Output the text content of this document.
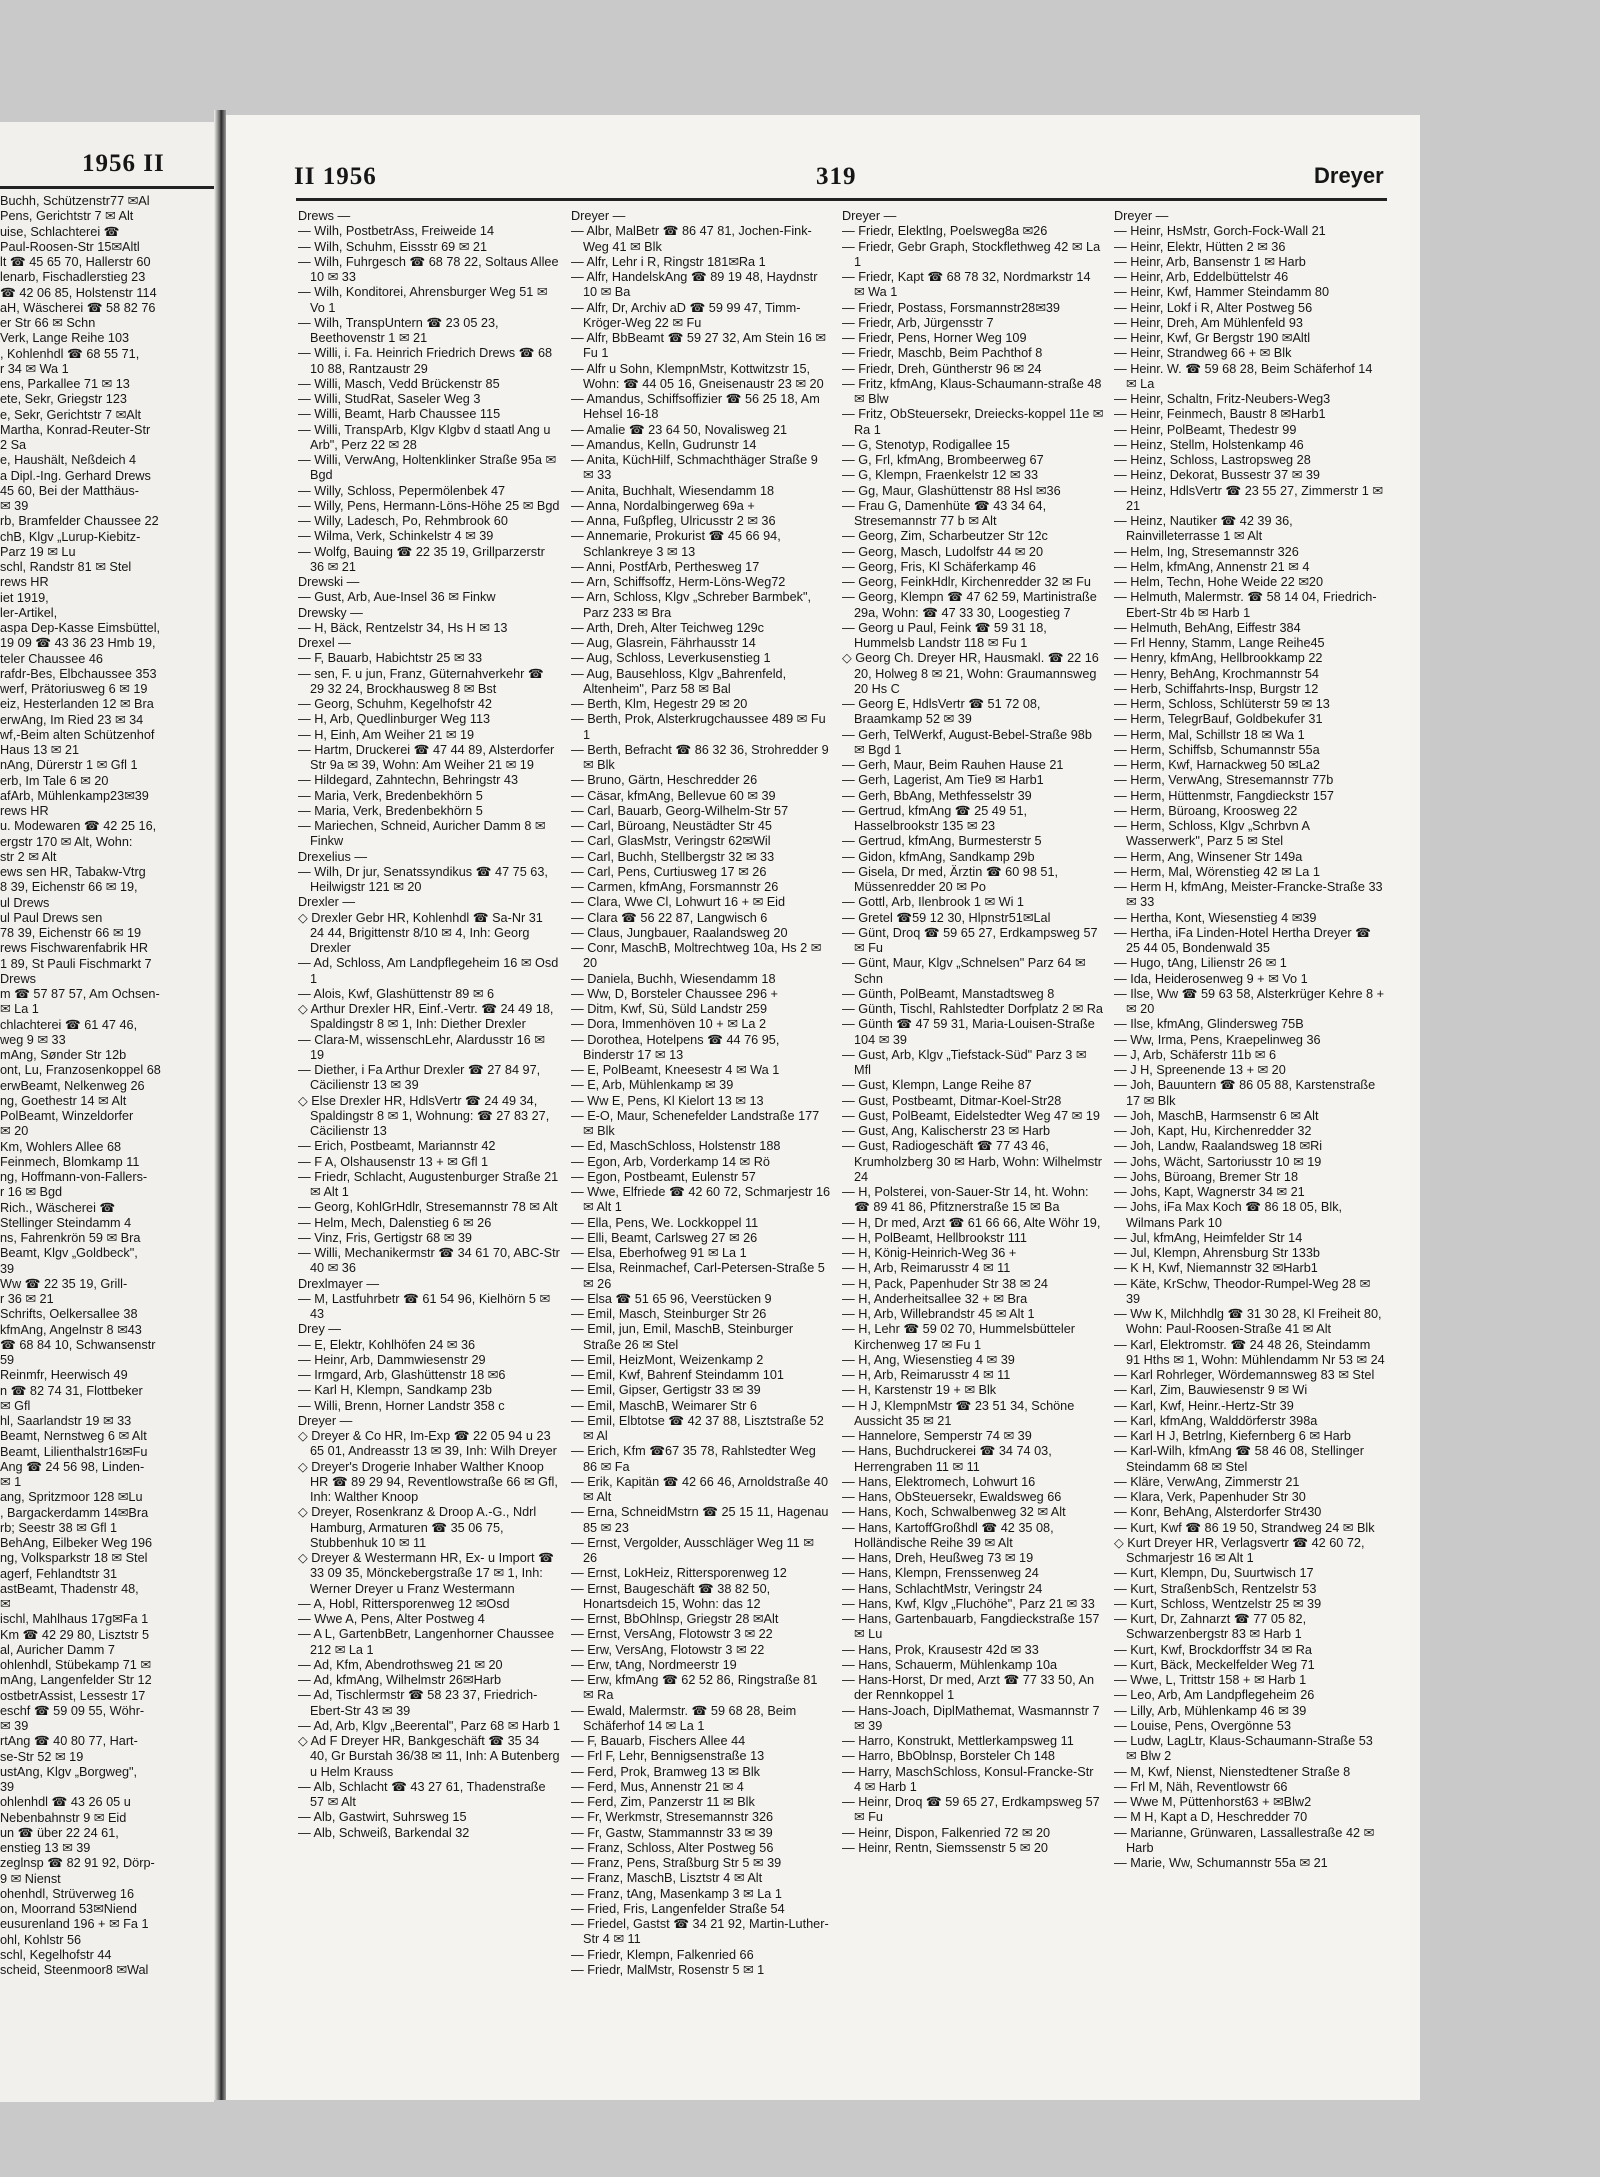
1956 II

Buchh, Schützenstr77 ✉Al

Pens, Gerichtstr 7 ✉ Alt

uise, Schlachterei ☎

Paul-Roosen-Str 15✉Altl

lt ☎ 45 65 70, Hallerstr 60

lenarb, Fischadlerstieg 23

☎ 42 06 85, Holstenstr 114

aH, Wäscherei ☎ 58 82 76

er Str 66 ✉ Schn

Verk, Lange Reihe 103

, Kohlenhdl ☎ 68 55 71,

r 34 ✉ Wa 1

ens, Parkallee 71 ✉ 13

ete, Sekr, Griegstr 123

e, Sekr, Gerichtstr 7 ✉Alt

Martha, Konrad-Reuter-Str

2 Sa

e, Haushält, Neßdeich 4

a Dipl.-Ing. Gerhard Drews

45 60, Bei der Matthäus-

✉ 39

rb, Bramfelder Chaussee 22

chB, Klgv „Lurup-Kiebitz-

Parz 19 ✉ Lu

schl, Randstr 81 ✉ Stel

rews HR

iet 1919,

ler-Artikel,

aspa Dep-Kasse Eimsbüttel,

19 09 ☎ 43 36 23 Hmb 19,

teler Chaussee 46

rafdr-Bes, Elbchaussee 353

werf, Prätoriusweg 6 ✉ 19

eiz, Hesterlanden 12 ✉ Bra

erwAng, Im Ried 23 ✉ 34

wf,-Beim alten Schützenhof

Haus 13 ✉ 21

nAng, Dürerstr 1 ✉ Gfl 1

erb, Im Tale 6 ✉ 20

afArb, Mühlenkamp23✉39

rews HR

u. Modewaren ☎ 42 25 16,

ergstr 170 ✉ Alt, Wohn:

str 2 ✉ Alt

ews sen HR, Tabakw-Vtrg

8 39, Eichenstr 66 ✉ 19,

ul Drews

ul Paul Drews sen

78 39, Eichenstr 66 ✉ 19

rews Fischwarenfabrik HR

1 89, St Pauli Fischmarkt 7

Drews

m ☎ 57 87 57, Am Ochsen-

✉ La 1

chlachterei ☎ 61 47 46,

weg 9 ✉ 33

mAng, Sønder Str 12b

ont, Lu, Franzosenkoppel 68

erwBeamt, Nelkenweg 26

ng, Goethestr 14 ✉ Alt

PolBeamt, Winzeldorfer

✉ 20

Km, Wohlers Allee 68

Feinmech, Blomkamp 11

ng, Hoffmann-von-Fallers-

r 16 ✉ Bgd

Rich., Wäscherei ☎

Stellinger Steindamm 4

ns, Fahrenkrön 59 ✉ Bra

Beamt, Klgv „Goldbeck",

39

Ww ☎ 22 35 19, Grill-

r 36 ✉ 21

Schrifts, Oelkersallee 38

kfmAng, Angelnstr 8 ✉43

☎ 68 84 10, Schwansenstr

59

Reinmfr, Heerwisch 49

n ☎ 82 74 31, Flottbeker

✉ Gfl

hl, Saarlandstr 19 ✉ 33

Beamt, Nernstweg 6 ✉ Alt

Beamt, Lilienthalstr16✉Fu

Ang ☎ 24 56 98, Linden-

✉ 1

ang, Spritzmoor 128 ✉Lu

, Bargackerdamm 14✉Bra

rb; Seestr 38 ✉ Gfl 1

BehAng, Eilbeker Weg 196

ng, Volksparkstr 18 ✉ Stel

agerf, Fehlandtstr 31

astBeamt, Thadenstr 48,

✉

ischl, Mahlhaus 17g✉Fa 1

Km ☎ 42 29 80, Lisztstr 5

al, Auricher Damm 7

ohlenhdl, Stübekamp 71 ✉

mAng, Langenfelder Str 12

ostbetrAssist, Lessestr 17

eschf ☎ 59 09 55, Wöhr-

✉ 39

rtAng ☎ 40 80 77, Hart-

se-Str 52 ✉ 19

ustAng, Klgv „Borgweg",

39

ohlenhdl ☎ 43 26 05 u

Nebenbahnstr 9 ✉ Eid

un ☎ über 22 24 61,

enstieg 13 ✉ 39

zeglnsp ☎ 82 91 92, Dörp-

9 ✉ Nienst

ohenhdl, Strüverweg 16

on, Moorrand 53✉Niend

eusurenland 196 + ✉ Fa 1

ohl, Kohlstr 56

schl, Kegelhofstr 44

scheid, Steenmoor8 ✉Wal

II 1956	319	Dreyer

Drews —

— Wilh, PostbetrAss, Freiweide 14

— Wilh, Schuhm, Eissstr 69 ✉ 21

— Wilh, Fuhrgesch ☎ 68 78 22, Soltaus Allee 10 ✉ 33

— Wilh, Konditorei, Ahrensburger Weg 51 ✉ Vo 1

— Wilh, TranspUntern ☎ 23 05 23, Beethovenstr 1 ✉ 21

— Willi, i. Fa. Heinrich Friedrich Drews ☎ 68 10 88, Rantzaustr 29

— Willi, Masch, Vedd Brückenstr 85

— Willi, StudRat, Saseler Weg 3

— Willi, Beamt, Harb Chaussee 115

— Willi, TranspArb, Klgv Klgbv d staatl Ang u Arb", Perz 22 ✉ 28

— Willi, VerwAng, Holtenklinker Straße 95a ✉ Bgd

— Willy, Schloss, Pepermölenbek 47

— Willy, Pens, Hermann-Löns-Höhe 25 ✉ Bgd

— Willy, Ladesch, Po, Rehmbrook 60

— Wilma, Verk, Schinkelstr 4 ✉ 39

— Wolfg, Bauing ☎ 22 35 19, Grillparzerstr 36 ✉ 21

Drewski —

— Gust, Arb, Aue-Insel 36 ✉ Finkw

Drewsky —

— H, Bäck, Rentzelstr 34, Hs H ✉ 13

Drexel —

— F, Bauarb, Habichtstr 25 ✉ 33

— sen, F. u jun, Franz, Güternahverkehr ☎ 29 32 24, Brockhausweg 8 ✉ Bst

— Georg, Schuhm, Kegelhofstr 42

— H, Arb, Quedlinburger Weg 113

— H, Einh, Am Weiher 21 ✉ 19

— Hartm, Druckerei ☎ 47 44 89, Alsterdorfer Str 9a ✉ 39, Wohn: Am Weiher 21 ✉ 19

— Hildegard, Zahntechn, Behringstr 43

— Maria, Verk, Bredenbekhörn 5

— Maria, Verk, Bredenbekhörn 5

— Mariechen, Schneid, Auricher Damm 8 ✉ Finkw

Drexelius —

— Wilh, Dr jur, Senatssyndikus ☎ 47 75 63, Heilwigstr 121 ✉ 20

Drexler —

◇ Drexler Gebr HR, Kohlenhdl ☎ Sa-Nr 31 24 44, Brigittenstr 8/10 ✉ 4, Inh: Georg Drexler

— Ad, Schloss, Am Landpflegeheim 16 ✉ Osd 1

— Alois, Kwf, Glashüttenstr 89 ✉ 6

◇ Arthur Drexler HR, Einf.-Vertr. ☎ 24 49 18, Spaldingstr 8 ✉ 1, Inh: Diether Drexler

— Clara-M, wissenschLehr, Alardusstr 16 ✉ 19

— Diether, i Fa Arthur Drexler ☎ 27 84 97, Cäcilienstr 13 ✉ 39

◇ Else Drexler HR, HdlsVertr ☎ 24 49 34, Spaldingstr 8 ✉ 1, Wohnung: ☎ 27 83 27, Cäcilienstr 13

— Erich, Postbeamt, Mariannstr 42

— F A, Olshausenstr 13 + ✉ Gfl 1

— Friedr, Schlacht, Augustenburger Straße 21 ✉ Alt 1

— Georg, KohlGrHdlr, Stresemannstr 78 ✉ Alt

— Helm, Mech, Dalenstieg 6 ✉ 26

— Vinz, Fris, Gertigstr 68 ✉ 39

— Willi, Mechanikermstr ☎ 34 61 70, ABC-Str 40 ✉ 36

Drexlmayer —

— M, Lastfuhrbetr ☎ 61 54 96, Kielhörn 5 ✉ 43

Drey —

— E, Elektr, Kohlhöfen 24 ✉ 36

— Heinr, Arb, Dammwiesenstr 29

— Irmgard, Arb, Glashüttenstr 18 ✉6

— Karl H, Klempn, Sandkamp 23b

— Willi, Brenn, Horner Landstr 358 c

Dreyer —

◇ Dreyer & Co HR, Im-Exp ☎ 22 05 94 u 23 65 01, Andreasstr 13 ✉ 39, Inh: Wilh Dreyer

◇ Dreyer's Drogerie Inhaber Walther Knoop HR ☎ 89 29 94, Reventlowstraße 66 ✉ Gfl, Inh: Walther Knoop

◇ Dreyer, Rosenkranz & Droop A.-G., Ndrl Hamburg, Armaturen ☎ 35 06 75, Stubbenhuk 10 ✉ 11

◇ Dreyer & Westermann HR, Ex- u Import ☎ 33 09 35, Mönckebergstraße 17 ✉ 1, Inh: Werner Dreyer u Franz Westermann

— A, Hobl, Rittersporenweg 12 ✉Osd

— Wwe A, Pens, Alter Postweg 4

— A L, GartenbBetr, Langenhorner Chaussee 212 ✉ La 1

— Ad, Kfm, Abendrothsweg 21 ✉ 20

— Ad, kfmAng, Wilhelmstr 26✉Harb

— Ad, Tischlermstr ☎ 58 23 37, Friedrich-Ebert-Str 43 ✉ 39

— Ad, Arb, Klgv „Beerental", Parz 68 ✉ Harb 1

◇ Ad F Dreyer HR, Bankgeschäft ☎ 35 34 40, Gr Burstah 36/38 ✉ 11, Inh: A Butenberg u Helm Krauss

— Alb, Schlacht ☎ 43 27 61, Thadenstraße 57 ✉ Alt

— Alb, Gastwirt, Suhrsweg 15

— Alb, Schweiß, Barkendal 32

Dreyer —

— Albr, MalBetr ☎ 86 47 81, Jochen-Fink-Weg 41 ✉ Blk

— Alfr, Lehr i R, Ringstr 181✉Ra 1

— Alfr, HandelskAng ☎ 89 19 48, Haydnstr 10 ✉ Ba

— Alfr, Dr, Archiv aD ☎ 59 99 47, Timm-Kröger-Weg 22 ✉ Fu

— Alfr, BbBeamt ☎ 59 27 32, Am Stein 16 ✉ Fu 1

— Alfr u Sohn, KlempnMstr, Kottwitzstr 15, Wohn: ☎ 44 05 16, Gneisenaustr 23 ✉ 20

— Amandus, Schiffsoffizier ☎ 56 25 18, Am Hehsel 16-18

— Amalie ☎ 23 64 50, Novalisweg 21

— Amandus, Kelln, Gudrunstr 14

— Anita, KüchHilf, Schmachthäger Straße 9 ✉ 33

— Anita, Buchhalt, Wiesendamm 18

— Anna, Nordalbingerweg 69a +

— Anna, Fußpfleg, Ulricusstr 2 ✉ 36

— Annemarie, Prokurist ☎ 45 66 94, Schlankreye 3 ✉ 13

— Anni, PostfArb, Perthesweg 17

— Arn, Schiffsoffz, Herm-Löns-Weg72

— Arn, Schloss, Klgv „Schreber Barmbek", Parz 233 ✉ Bra

— Arth, Dreh, Alter Teichweg 129c

— Aug, Glasrein, Fährhausstr 14

— Aug, Schloss, Leverkusenstieg 1

— Aug, Bausehloss, Klgv „Bahrenfeld, Altenheim", Parz 58 ✉ Bal

— Berth, Klm, Hegestr 29 ✉ 20

— Berth, Prok, Alsterkrugchaussee 489 ✉ Fu 1

— Berth, Befracht ☎ 86 32 36, Strohredder 9 ✉ Blk

— Bruno, Gärtn, Heschredder 26

— Cäsar, kfmAng, Bellevue 60 ✉ 39

— Carl, Bauarb, Georg-Wilhelm-Str 57

— Carl, Büroang, Neustädter Str 45

— Carl, GlasMstr, Veringstr 62✉Wil

— Carl, Buchh, Stellbergstr 32 ✉ 33

— Carl, Pens, Curtiusweg 17 ✉ 26

— Carmen, kfmAng, Forsmannstr 26

— Clara, Wwe Cl, Lohwurt 16 + ✉ Eid

— Clara ☎ 56 22 87, Langwisch 6

— Claus, Jungbauer, Raalandsweg 20

— Conr, MaschB, Moltrechtweg 10a, Hs 2 ✉ 20

— Daniela, Buchh, Wiesendamm 18

— Ww, D, Borsteler Chaussee 296 +

— Ditm, Kwf, Sü, Süld Landstr 259

— Dora, Immenhöven 10 + ✉ La 2

— Dorothea, Hotelpens ☎ 44 76 95, Binderstr 17 ✉ 13

— E, PolBeamt, Kneesestr 4 ✉ Wa 1

— E, Arb, Mühlenkamp ✉ 39

— Ww E, Pens, Kl Kielort 13 ✉ 13

— E-O, Maur, Schenefelder Landstraße 177 ✉ Blk

— Ed, MaschSchloss, Holstenstr 188

— Egon, Arb, Vorderkamp 14 ✉ Rö

— Egon, Postbeamt, Eulenstr 57

— Wwe, Elfriede ☎ 42 60 72, Schmarjestr 16 ✉ Alt 1

— Ella, Pens, We. Lockkoppel 11

— Elli, Beamt, Carlsweg 27 ✉ 26

— Elsa, Eberhofweg 91 ✉ La 1

— Elsa, Reinmachef, Carl-Petersen-Straße 5 ✉ 26

— Elsa ☎ 51 65 96, Veerstücken 9

— Emil, Masch, Steinburger Str 26

— Emil, jun, Emil, MaschB, Steinburger Straße 26 ✉ Stel

— Emil, HeizMont, Weizenkamp 2

— Emil, Kwf, Bahrenf Steindamm 101

— Emil, Gipser, Gertigstr 33 ✉ 39

— Emil, MaschB, Weimarer Str 6

— Emil, Elbtotse ☎ 42 37 88, Lisztstraße 52 ✉ Al

— Erich, Kfm ☎67 35 78, Rahlstedter Weg 86 ✉ Fa

— Erik, Kapitän ☎ 42 66 46, Arnoldstraße 40 ✉ Alt

— Erna, SchneidMstrn ☎ 25 15 11, Hagenau 85 ✉ 23

— Ernst, Vergolder, Ausschläger Weg 11 ✉ 26

— Ernst, LokHeiz, Rittersporenweg 12

— Ernst, Baugeschäft ☎ 38 82 50, Honartsdeich 15, Wohn: das 12

— Ernst, BbOhlnsp, Griegstr 28 ✉Alt

— Ernst, VersAng, Flotowstr 3 ✉ 22

— Erw, VersAng, Flotowstr 3 ✉ 22

— Erw, tAng, Nordmeerstr 19

— Erw, kfmAng ☎ 62 52 86, Ringstraße 81 ✉ Ra

— Ewald, Malermstr. ☎ 59 68 28, Beim Schäferhof 14 ✉ La 1

— F, Bauarb, Fischers Allee 44

— Frl F, Lehr, Bennigsenstraße 13

— Ferd, Prok, Bramweg 13 ✉ Blk

— Ferd, Mus, Annenstr 21 ✉ 4

— Ferd, Zim, Panzerstr 11 ✉ Blk

— Fr, Werkmstr, Stresemannstr 326

— Fr, Gastw, Stammannstr 33 ✉ 39

— Franz, Schloss, Alter Postweg 56

— Franz, Pens, Straßburg Str 5 ✉ 39

— Franz, MaschB, Lisztstr 4 ✉ Alt

— Franz, tAng, Masenkamp 3 ✉ La 1

— Fried, Fris, Langenfelder Straße 54

— Friedel, Gastst ☎ 34 21 92, Martin-Luther-Str 4 ✉ 11

— Friedr, Klempn, Falkenried 66

— Friedr, MalMstr, Rosenstr 5 ✉ 1

Dreyer —

— Friedr, Elektlng, Poelsweg8a ✉26

— Friedr, Gebr Graph, Stockflethweg 42 ✉ La 1

— Friedr, Kapt ☎ 68 78 32, Nordmarkstr 14 ✉ Wa 1

— Friedr, Postass, Forsmannstr28✉39

— Friedr, Arb, Jürgensstr 7

— Friedr, Pens, Horner Weg 109

— Friedr, Maschb, Beim Pachthof 8

— Friedr, Dreh, Güntherstr 96 ✉ 24

— Fritz, kfmAng, Klaus-Schaumann-straße 48 ✉ Blw

— Fritz, ObSteuersekr, Dreiecks-koppel 11e ✉ Ra 1

— G, Stenotyp, Rodigallee 15

— G, Frl, kfmAng, Brombeerweg 67

— G, Klempn, Fraenkelstr 12 ✉ 33

— Gg, Maur, Glashüttenstr 88 Hsl ✉36

— Frau G, Damenhüte ☎ 43 34 64, Stresemannstr 77 b ✉ Alt

— Georg, Zim, Scharbeutzer Str 12c

— Georg, Masch, Ludolfstr 44 ✉ 20

— Georg, Fris, Kl Schäferkamp 46

— Georg, FeinkHdlr, Kirchenredder 32 ✉ Fu

— Georg, Klempn ☎ 47 62 59, Martinistraße 29a, Wohn: ☎ 47 33 30, Loogestieg 7

— Georg u Paul, Feink ☎ 59 31 18, Hummelsb Landstr 118 ✉ Fu 1

◇ Georg Ch. Dreyer HR, Hausmakl. ☎ 22 16 20, Holweg 8 ✉ 21, Wohn: Graumannsweg 20 Hs C

— Georg E, HdlsVertr ☎ 51 72 08, Braamkamp 52 ✉ 39

— Gerh, TelWerkf, August-Bebel-Straße 98b ✉ Bgd 1

— Gerh, Maur, Beim Rauhen Hause 21

— Gerh, Lagerist, Am Tie9 ✉ Harb1

— Gerh, BbAng, Methfesselstr 39

— Gertrud, kfmAng ☎ 25 49 51, Hasselbrookstr 135 ✉ 23

— Gertrud, kfmAng, Burmesterstr 5

— Gidon, kfmAng, Sandkamp 29b

— Gisela, Dr med, Ärztin ☎ 60 98 51, Müssenredder 20 ✉ Po

— Gottl, Arb, Ilenbrook 1 ✉ Wi 1

— Gretel ☎59 12 30, Hlpnstr51✉Lal

— Günt, Droq ☎ 59 65 27, Erdkampsweg 57 ✉ Fu

— Günt, Maur, Klgv „Schnelsen" Parz 64 ✉ Schn

— Günth, PolBeamt, Manstadtsweg 8

— Günth, Tischl, Rahlstedter Dorfplatz 2 ✉ Ra

— Günth ☎ 47 59 31, Maria-Louisen-Straße 104 ✉ 39

— Gust, Arb, Klgv „Tiefstack-Süd" Parz 3 ✉ Mfl

— Gust, Klempn, Lange Reihe 87

— Gust, Postbeamt, Ditmar-Koel-Str28

— Gust, PolBeamt, Eidelstedter Weg 47 ✉ 19

— Gust, Ang, Kalischerstr 23 ✉ Harb

— Gust, Radiogeschäft ☎ 77 43 46, Krumholzberg 30 ✉ Harb, Wohn: Wilhelmstr 24

— H, Polsterei, von-Sauer-Str 14, ht. Wohn: ☎ 89 41 86, Pfitznerstraße 15 ✉ Ba

— H, Dr med, Arzt ☎ 61 66 66, Alte Wöhr 19,

— H, PolBeamt, Hellbrookstr 111

— H, König-Heinrich-Weg 36 +

— H, Arb, Reimarusstr 4 ✉ 11

— H, Pack, Papenhuder Str 38 ✉ 24

— H, Anderheitsallee 32 + ✉ Bra

— H, Arb, Willebrandstr 45 ✉ Alt 1

— H, Lehr ☎ 59 02 70, Hummelsbütteler Kirchenweg 17 ✉ Fu 1

— H, Ang, Wiesenstieg 4 ✉ 39

— H, Arb, Reimarusstr 4 ✉ 11

— H, Karstenstr 19 + ✉ Blk

— H J, KlempnMstr ☎ 23 51 34, Schöne Aussicht 35 ✉ 21

— Hannelore, Semperstr 74 ✉ 39

— Hans, Buchdruckerei ☎ 34 74 03, Herrengraben 11 ✉ 11

— Hans, Elektromech, Lohwurt 16

— Hans, ObSteuersekr, Ewaldsweg 66

— Hans, Koch, Schwalbenweg 32 ✉ Alt

— Hans, KartoffGroßhdl ☎ 42 35 08, Holländische Reihe 39 ✉ Alt

— Hans, Dreh, Heußweg 73 ✉ 19

— Hans, Klempn, Frenssenweg 24

— Hans, SchlachtMstr, Veringstr 24

— Hans, Kwf, Klgv „Fluchöhe", Parz 21 ✉ 33

— Hans, Gartenbauarb, Fangdieckstraße 157 ✉ Lu

— Hans, Prok, Krausestr 42d ✉ 33

— Hans, Schauerm, Mühlenkamp 10a

— Hans-Horst, Dr med, Arzt ☎ 77 33 50, An der Rennkoppel 1

— Hans-Joach, DiplMathemat, Wasmannstr 7 ✉ 39

— Harro, Konstrukt, Mettlerkampsweg 11

— Harro, BbOblnsp, Borsteler Ch 148

— Harry, MaschSchloss, Konsul-Francke-Str 4 ✉ Harb 1

— Heinr, Droq ☎ 59 65 27, Erdkampsweg 57 ✉ Fu

— Heinr, Dispon, Falkenried 72 ✉ 20

— Heinr, Rentn, Siemssenstr 5 ✉ 20

Dreyer —

— Heinr, HsMstr, Gorch-Fock-Wall 21

— Heinr, Elektr, Hütten 2 ✉ 36

— Heinr, Arb, Bansenstr 1 ✉ Harb

— Heinr, Arb, Eddelbüttelstr 46

— Heinr, Kwf, Hammer Steindamm 80

— Heinr, Lokf i R, Alter Postweg 56

— Heinr, Dreh, Am Mühlenfeld 93

— Heinr, Kwf, Gr Bergstr 190 ✉Altl

— Heinr, Strandweg 66 + ✉ Blk

— Heinr. W. ☎ 59 68 28, Beim Schäferhof 14 ✉ La

— Heinr, Schaltn, Fritz-Neubers-Weg3

— Heinr, Feinmech, Baustr 8 ✉Harb1

— Heinr, PolBeamt, Thedestr 99

— Heinz, Stellm, Holstenkamp 46

— Heinz, Schloss, Lastropsweg 28

— Heinz, Dekorat, Bussestr 37 ✉ 39

— Heinz, HdlsVertr ☎ 23 55 27, Zimmerstr 1 ✉ 21

— Heinz, Nautiker ☎ 42 39 36, Rainvilleterrasse 1 ✉ Alt

— Helm, Ing, Stresemannstr 326

— Helm, kfmAng, Annenstr 21 ✉ 4

— Helm, Techn, Hohe Weide 22 ✉20

— Helmuth, Malermstr. ☎ 58 14 04, Friedrich-Ebert-Str 4b ✉ Harb 1

— Helmuth, BehAng, Eiffestr 384

— Frl Henny, Stamm, Lange Reihe45

— Henry, kfmAng, Hellbrookkamp 22

— Henry, BehAng, Krochmannstr 54

— Herb, Schiffahrts-Insp, Burgstr 12

— Herm, Schloss, Schlüterstr 59 ✉ 13

— Herm, TelegrBauf, Goldbekufer 31

— Herm, Mal, Schillstr 18 ✉ Wa 1

— Herm, Schiffsb, Schumannstr 55a

— Herm, Kwf, Harnackweg 50 ✉La2

— Herm, VerwAng, Stresemannstr 77b

— Herm, Hüttenmstr, Fangdieckstr 157

— Herm, Büroang, Kroosweg 22

— Herm, Schloss, Klgv „Schrbvn A Wasserwerk", Parz 5 ✉ Stel

— Herm, Ang, Winsener Str 149a

— Herm, Mal, Wörenstieg 42 ✉ La 1

— Herm H, kfmAng, Meister-Francke-Straße 33 ✉ 33

— Hertha, Kont, Wiesenstieg 4 ✉39

— Hertha, iFa Linden-Hotel Hertha Dreyer ☎ 25 44 05, Bondenwald 35

— Hugo, tAng, Lilienstr 26 ✉ 1

— Ida, Heiderosenweg 9 + ✉ Vo 1

— Ilse, Ww ☎ 59 63 58, Alsterkrüger Kehre 8 + ✉ 20

— Ilse, kfmAng, Glindersweg 75B

— Ww, Irma, Pens, Kraepelinweg 36

— J, Arb, Schäferstr 11b ✉ 6

— J H, Spreenende 13 + ✉ 20

— Joh, Bauuntern ☎ 86 05 88, Karstenstraße 17 ✉ Blk

— Joh, MaschB, Harmsenstr 6 ✉ Alt

— Joh, Kapt, Hu, Kirchenredder 32

— Joh, Landw, Raalandsweg 18 ✉Ri

— Johs, Wächt, Sartoriusstr 10 ✉ 19

— Johs, Büroang, Bremer Str 18

— Johs, Kapt, Wagnerstr 34 ✉ 21

— Johs, iFa Max Koch ☎ 86 18 05, Blk, Wilmans Park 10

— Jul, kfmAng, Heimfelder Str 14

— Jul, Klempn, Ahrensburg Str 133b

— K H, Kwf, Niemannstr 32 ✉Harb1

— Käte, KrSchw, Theodor-Rumpel-Weg 28 ✉ 39

— Ww K, Milchhdlg ☎ 31 30 28, Kl Freiheit 80, Wohn: Paul-Roosen-Straße 41 ✉ Alt

— Karl, Elektromstr. ☎ 24 48 26, Steindamm 91 Hths ✉ 1, Wohn: Mühlendamm Nr 53 ✉ 24

— Karl Rohrleger, Wördemannsweg 83 ✉ Stel

— Karl, Zim, Bauwiesenstr 9 ✉ Wi

— Karl, Kwf, Heinr.-Hertz-Str 39

— Karl, kfmAng, Walddörferstr 398a

— Karl H J, Betrlng, Kiefernberg 6 ✉ Harb

— Karl-Wilh, kfmAng ☎ 58 46 08, Stellinger Steindamm 68 ✉ Stel

— Kläre, VerwAng, Zimmerstr 21

— Klara, Verk, Papenhuder Str 30

— Konr, BehAng, Alsterdorfer Str430

— Kurt, Kwf ☎ 86 19 50, Strandweg 24 ✉ Blk

◇ Kurt Dreyer HR, Verlagsvertr ☎ 42 60 72, Schmarjestr 16 ✉ Alt 1

— Kurt, Klempn, Du, Suurtwisch 17

— Kurt, StraßenbSch, Rentzelstr 53

— Kurt, Schloss, Wentzelstr 25 ✉ 39

— Kurt, Dr, Zahnarzt ☎ 77 05 82, Schwarzenbergstr 83 ✉ Harb 1

— Kurt, Kwf, Brockdorffstr 34 ✉ Ra

— Kurt, Bäck, Meckelfelder Weg 71

— Wwe, L, Trittstr 158 + ✉ Harb 1

— Leo, Arb, Am Landpflegeheim 26

— Lilly, Arb, Mühlenkamp 46 ✉ 39

— Louise, Pens, Overgönne 53

— Ludw, LagLtr, Klaus-Schaumann-Straße 53 ✉ Blw 2

— M, Kwf, Nienst, Nienstedtener Straße 8

— Frl M, Näh, Reventlowstr 66

— Wwe M, Püttenhorst63 + ✉Blw2

— M H, Kapt a D, Heschredder 70

— Marianne, Grünwaren, Lassallestraße 42 ✉ Harb

— Marie, Ww, Schumannstr 55a ✉ 21
